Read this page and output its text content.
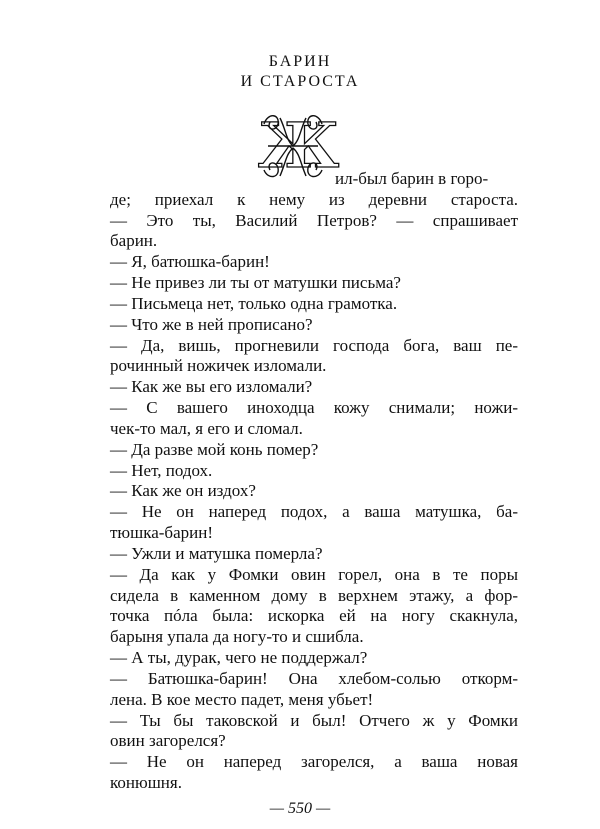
БАРИН
И СТАРОСТА
Ж
ил-был барин в горо-
де; приехал к нему из деревни староста.
— Это ты, Василий Петров? — спрашивает
барин.
— Я, батюшка-барин!
— Не привез ли ты от матушки письма?
— Письмеца нет, только одна грамотка.
— Что же в ней прописано?
— Да, вишь, прогневили господа бога, ваш пе-
рочинный ножичек изломали.
— Как же вы его изломали?
— С вашего иноходца кожу снимали; ножи-
чек-то мал, я его и сломал.
— Да разве мой конь помер?
— Нет, подох.
— Как же он издох?
— Не он наперед подох, а ваша матушка, ба-
тюшка-барин!
— Ужли и матушка померла?
— Да как у Фомки овин горел, она в те поры
сидела в каменном дому в верхнем этажу, а фор-
точка пóла была: искорка ей на ногу скакнула,
барыня упала да ногу-то и сшибла.
— А ты, дурак, чего не поддержал?
— Батюшка-барин! Она хлебом-солью откорм-
лена. В кое место падет, меня убьет!
— Ты бы таковской и был! Отчего ж у Фомки
овин загорелся?
— Не он наперед загорелся, а ваша новая
конюшня.
— 550 —
